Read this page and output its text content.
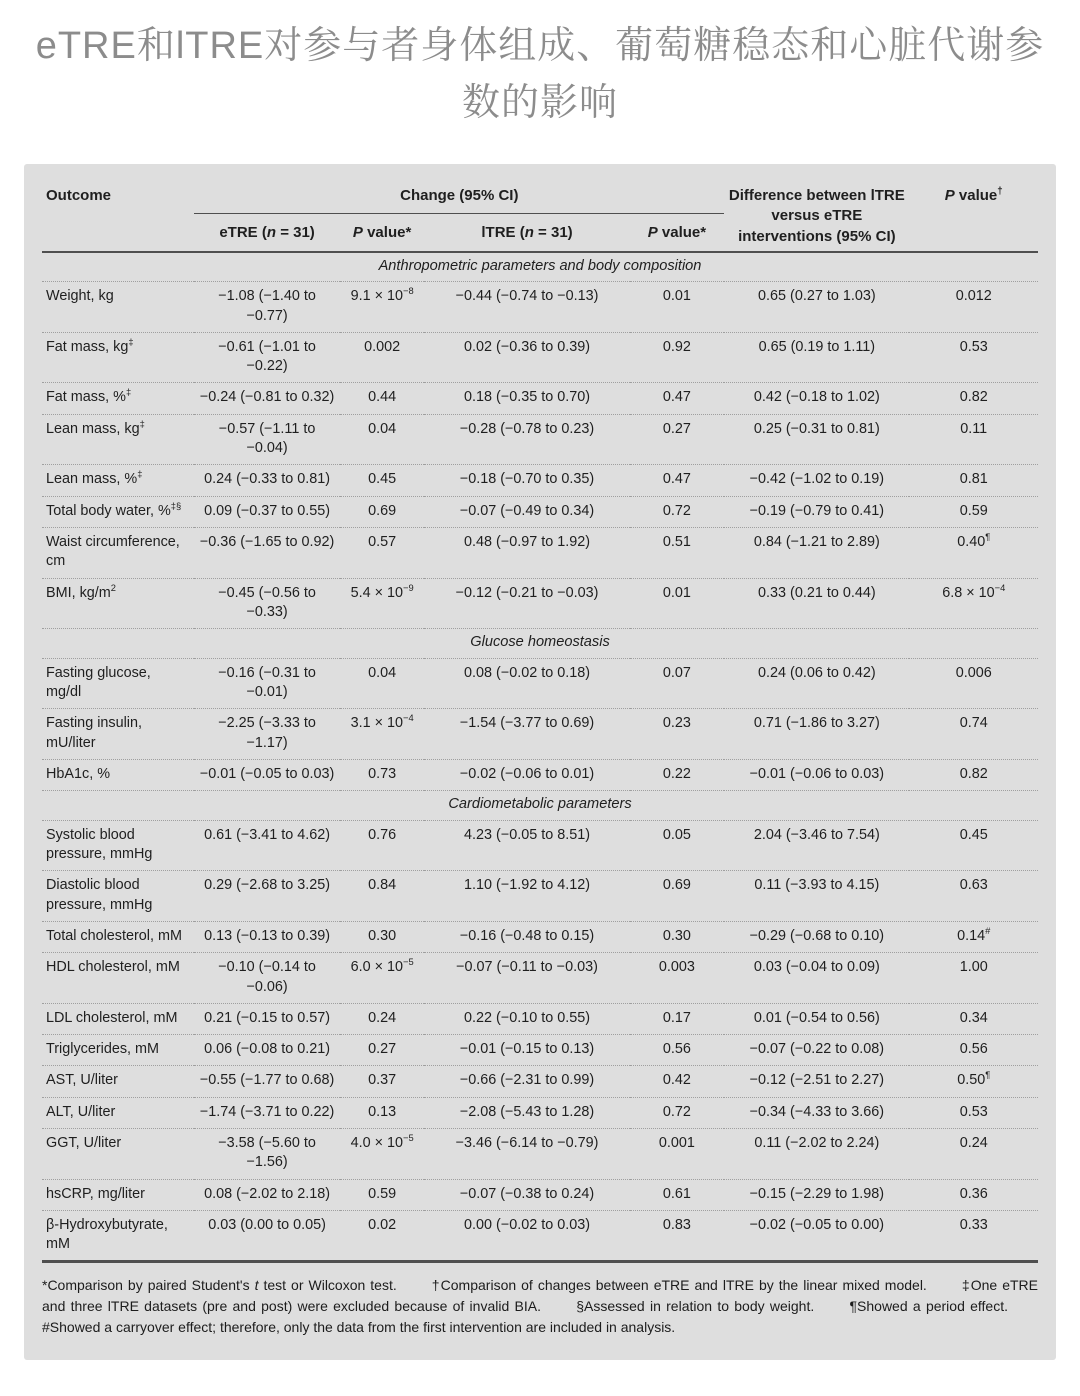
eTRE和lTRE对参与者身体组成、葡萄糖稳态和心脏代谢参数的影响
Outcome	Change (95% CI)				Difference between lTRE versus eTRE interventions (95% CI)	P value†
	eTRE (n = 31)	P value*	lTRE (n = 31)	P value*		
Anthropometric parameters and body composition						
Weight, kg	−1.08 (−1.40 to −0.77)	$9.1 \times 10^{-8}$	−0.44 (−0.74 to −0.13)	0.01	0.65 (0.27 to 1.03)	0.012
Fat mass, kg‡	−0.61 (−1.01 to −0.22)	0.002	0.02 (−0.36 to 0.39)	0.92	0.65 (0.19 to 1.11)	0.53
Fat mass, %‡	−0.24 (−0.81 to 0.32)	0.44	0.18 (−0.35 to 0.70)	0.47	0.42 (−0.18 to 1.02)	0.82
Lean mass, kg‡	−0.57 (−1.11 to −0.04)	0.04	−0.28 (−0.78 to 0.23)	0.27	0.25 (−0.31 to 0.81)	0.11
Lean mass, %‡	0.24 (−0.33 to 0.81)	0.45	−0.18 (−0.70 to 0.35)	0.47	−0.42 (−1.02 to 0.19)	0.81
Total body water, %‡§	0.09 (−0.37 to 0.55)	0.69	−0.07 (−0.49 to 0.34)	0.72	−0.19 (−0.79 to 0.41)	0.59
Waist circumference, cm	−0.36 (−1.65 to 0.92)	0.57	0.48 (−0.97 to 1.92)	0.51	0.84 (−1.21 to 2.89)	0.40¶
BMI, $kg/m^2$	−0.45 (−0.56 to −0.33)	$5.4 \times 10^{-9}$	−0.12 (−0.21 to −0.03)	0.01	0.33 (0.21 to 0.44)	$6.8 \times 10^{-4}$
Glucose homeostasis						
Fasting glucose, mg/dl	−0.16 (−0.31 to −0.01)	0.04	0.08 (−0.02 to 0.18)	0.07	0.24 (0.06 to 0.42)	0.006
Fasting insulin, mU/liter	−2.25 (−3.33 to −1.17)	$3.1 \times 10^{-4}$	−1.54 (−3.77 to 0.69)	0.23	0.71 (−1.86 to 3.27)	0.74
HbA1c, %	−0.01 (−0.05 to 0.03)	0.73	−0.02 (−0.06 to 0.01)	0.22	−0.01 (−0.06 to 0.03)	0.82
Cardiometabolic parameters						
Systolic blood pressure, mmHg	0.61 (−3.41 to 4.62)	0.76	4.23 (−0.05 to 8.51)	0.05	2.04 (−3.46 to 7.54)	0.45
Diastolic blood pressure, mmHg	0.29 (−2.68 to 3.25)	0.84	1.10 (−1.92 to 4.12)	0.69	0.11 (−3.93 to 4.15)	0.63
Total cholesterol, mM	0.13 (−0.13 to 0.39)	0.30	−0.16 (−0.48 to 0.15)	0.30	−0.29 (−0.68 to 0.10)	0.14#
HDL cholesterol, mM	−0.10 (−0.14 to −0.06)	$6.0 \times 10^{-5}$	−0.07 (−0.11 to −0.03)	0.003	0.03 (−0.04 to 0.09)	1.00
LDL cholesterol, mM	0.21 (−0.15 to 0.57)	0.24	0.22 (−0.10 to 0.55)	0.17	0.01 (−0.54 to 0.56)	0.34
Triglycerides, mM	0.06 (−0.08 to 0.21)	0.27	−0.01 (−0.15 to 0.13)	0.56	−0.07 (−0.22 to 0.08)	0.56
AST, U/liter	−0.55 (−1.77 to 0.68)	0.37	−0.66 (−2.31 to 0.99)	0.42	−0.12 (−2.51 to 2.27)	0.50¶
ALT, U/liter	−1.74 (−3.71 to 0.22)	0.13	−2.08 (−5.43 to 1.28)	0.72	−0.34 (−4.33 to 3.66)	0.53
GGT, U/liter	−3.58 (−5.60 to −1.56)	$4.0 \times 10^{-5}$	−3.46 (−6.14 to −0.79)	0.001	0.11 (−2.02 to 2.24)	0.24
hsCRP, mg/liter	0.08 (−2.02 to 2.18)	0.59	−0.07 (−0.38 to 0.24)	0.61	−0.15 (−2.29 to 1.98)	0.36
β-Hydroxybutyrate, mM	0.03 (0.00 to 0.05)	0.02	0.00 (−0.02 to 0.03)	0.83	−0.02 (−0.05 to 0.00)	0.33
*Comparison by paired Student's t test or Wilcoxon test.	†Comparison of changes between eTRE and lTRE by the linear mixed model.	‡One eTRE and three lTRE datasets (pre and post) were excluded because of invalid BIA.	§Assessed in relation to body weight.	¶Showed a period effect. #Showed a carryover effect; therefore, only the data from the first intervention are included in analysis.
